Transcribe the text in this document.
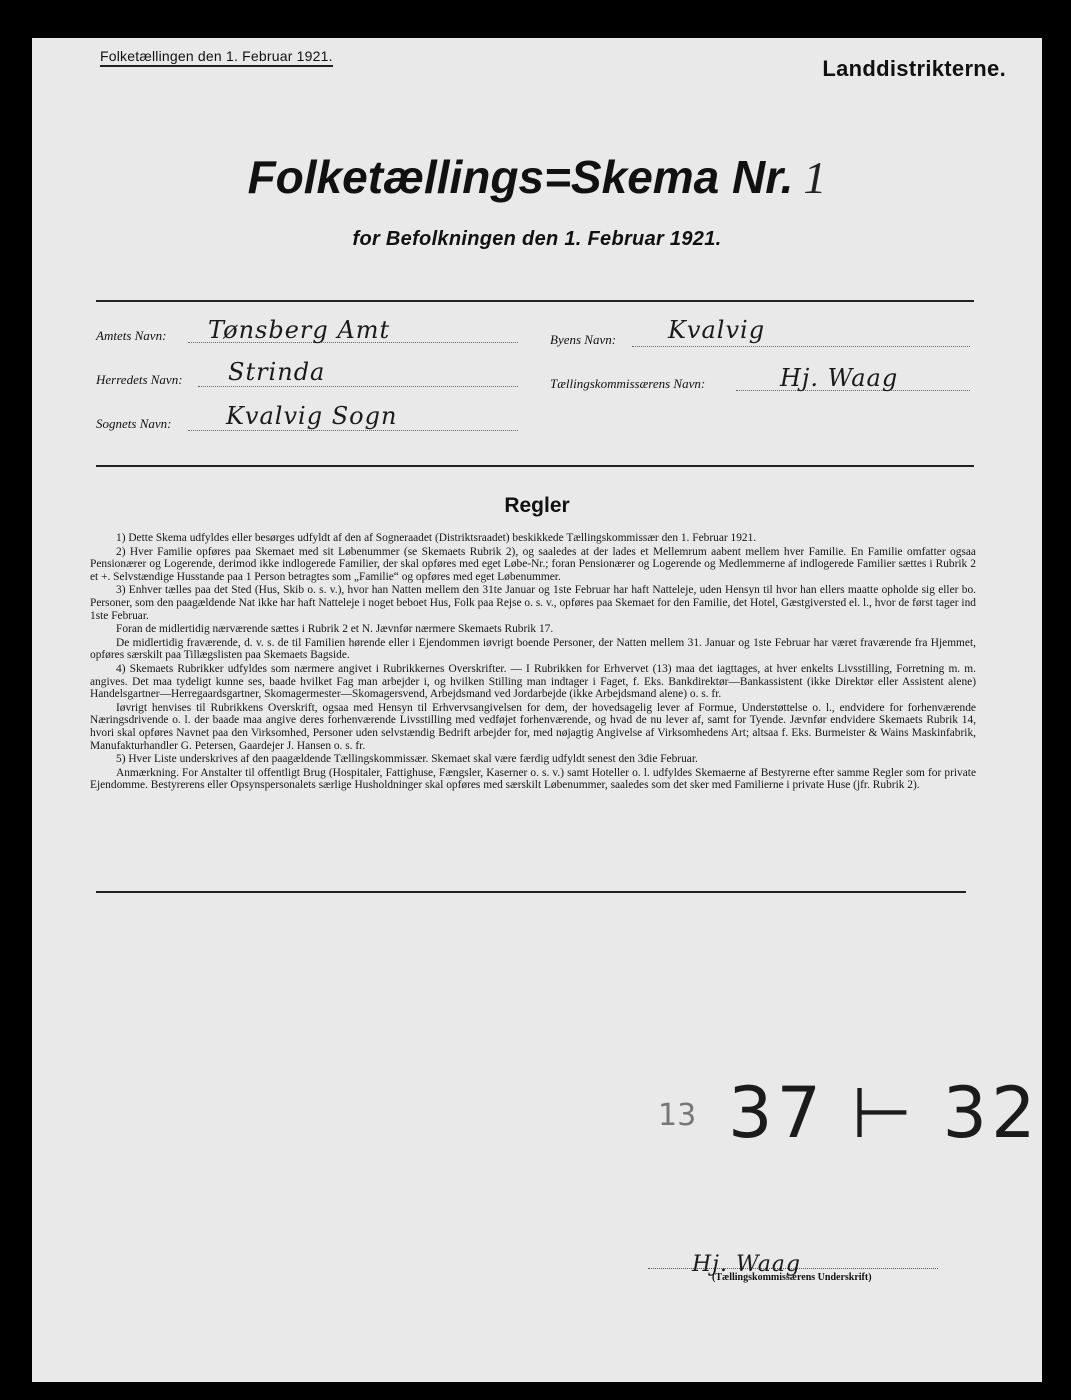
Folketællingen den 1. Februar 1921.	Landdistrikterne.
Folketællings=Skema Nr. 1
for Befolkningen den 1. Februar 1921.
Amtets Navn: Tønsberg Amt
Herredets Navn: Strinda
Sognets Navn: Kvalvig Sogn
Byens Navn: Kvalvig
Tællingskommissærens Navn:	Hj. Waag
Regler

1) Dette Skema udfyldes eller besørges udfyldt af den af Sogneraadet (Distriktsraadet) beskikkede Tællingskommissær den 1. Februar 1921.

2) Hver Familie opføres paa Skemaet med sit Løbenummer (se Skemaets Rubrik 2), og saaledes at der lades et Mellemrum aabent mellem hver Familie. En Familie omfatter ogsaa Pensionærer og Logerende, derimod ikke indlogerede Familier, der skal opføres med eget Løbe-Nr.; foran Pensionærer og Logerende og Medlemmerne af indlogerede Familier sættes i Rubrik 2 et +. Selvstændige Husstande paa 1 Person betragtes som „Familie“ og opføres med eget Løbenummer.

3) Enhver tælles paa det Sted (Hus, Skib o. s. v.), hvor han Natten mellem den 31te Januar og 1ste Februar har haft Natteleje, uden Hensyn til hvor han ellers maatte opholde sig eller bo. Personer, som den paagældende Nat ikke har haft Natteleje i noget beboet Hus, Folk paa Rejse o. s. v., opføres paa Skemaet for den Familie, det Hotel, Gæstgiversted el. l., hvor de først tager ind 1ste Februar.

Foran de midlertidig nærværende sættes i Rubrik 2 et N. Jævnfør nærmere Skemaets Rubrik 17.

De midlertidig fraværende, d. v. s. de til Familien hørende eller i Ejendommen iøvrigt boende Personer, der Natten mellem 31. Januar og 1ste Februar har været fraværende fra Hjemmet, opføres særskilt paa Tillægslisten paa Skemaets Bagside.

4) Skemaets Rubrikker udfyldes som nærmere angivet i Rubrikkernes Overskrifter. — I Rubrikken for Erhvervet (13) maa det iagttages, at hver enkelts Livsstilling, Forretning m. m. angives. Det maa tydeligt kunne ses, baade hvilket Fag man arbejder i, og hvilken Stilling man indtager i Faget, f. Eks. Bankdirektør—Bankassistent (ikke Direktør eller Assistent alene) Handelsgartner—Herregaardsgartner, Skomagermester—Skomagersvend, Arbejdsmand ved Jordarbejde (ikke Arbejdsmand alene) o. s. fr.

Iøvrigt henvises til Rubrikkens Overskrift, ogsaa med Hensyn til Erhvervsangivelsen for dem, der hovedsagelig lever af Formue, Understøttelse o. l., endvidere for forhenværende Næringsdrivende o. l. der baade maa angive deres forhenværende Livsstilling med vedføjet forhenværende, og hvad de nu lever af, samt for Tyende. Jævnfør endvidere Skemaets Rubrik 14, hvori skal opføres Navnet paa den Virksomhed, Personer uden selvstændig Bedrift arbejder for, med nøjagtig Angivelse af Virksomhedens Art; altsaa f. Eks. Burmeister & Wains Maskinfabrik, Manufakturhandler G. Petersen, Gaardejer J. Hansen o. s. fr.

5) Hver Liste underskrives af den paagældende Tællingskommissær. Skemaet skal være færdig udfyldt senest den 3die Februar.

Anmærkning. For Anstalter til offentligt Brug (Hospitaler, Fattighuse, Fængsler, Kaserner o. s. v.) samt Hoteller o. l. udfyldes Skemaerne af Bestyrerne efter samme Regler som for private Ejendomme. Bestyrerens eller Opsynspersonalets særlige Husholdninger skal opføres med særskilt Løbenummer, saaledes som det sker med Familierne i private Huse (jfr. Rubrik 2).

13 37 ⊢ 32
Hj. Waag
(Tællingskommissærens Underskrift)
